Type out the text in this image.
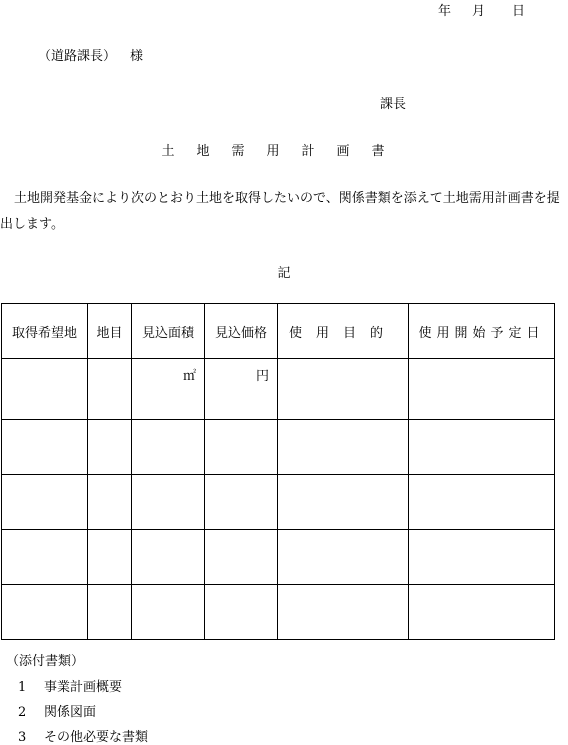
年 月 日
（道路課長） 様
課長
土地需用計画書
土地開発基金により次のとおり土地を取得したいので、関係書類を添えて土地需用計画書を提出します。
記
取得希望地	地目	見込面積	見込価格	使用目的	使用開始予定日
		㎡	円		

（添付書類）
1 事業計画概要
2 関係図面
3 その他必要な書類
